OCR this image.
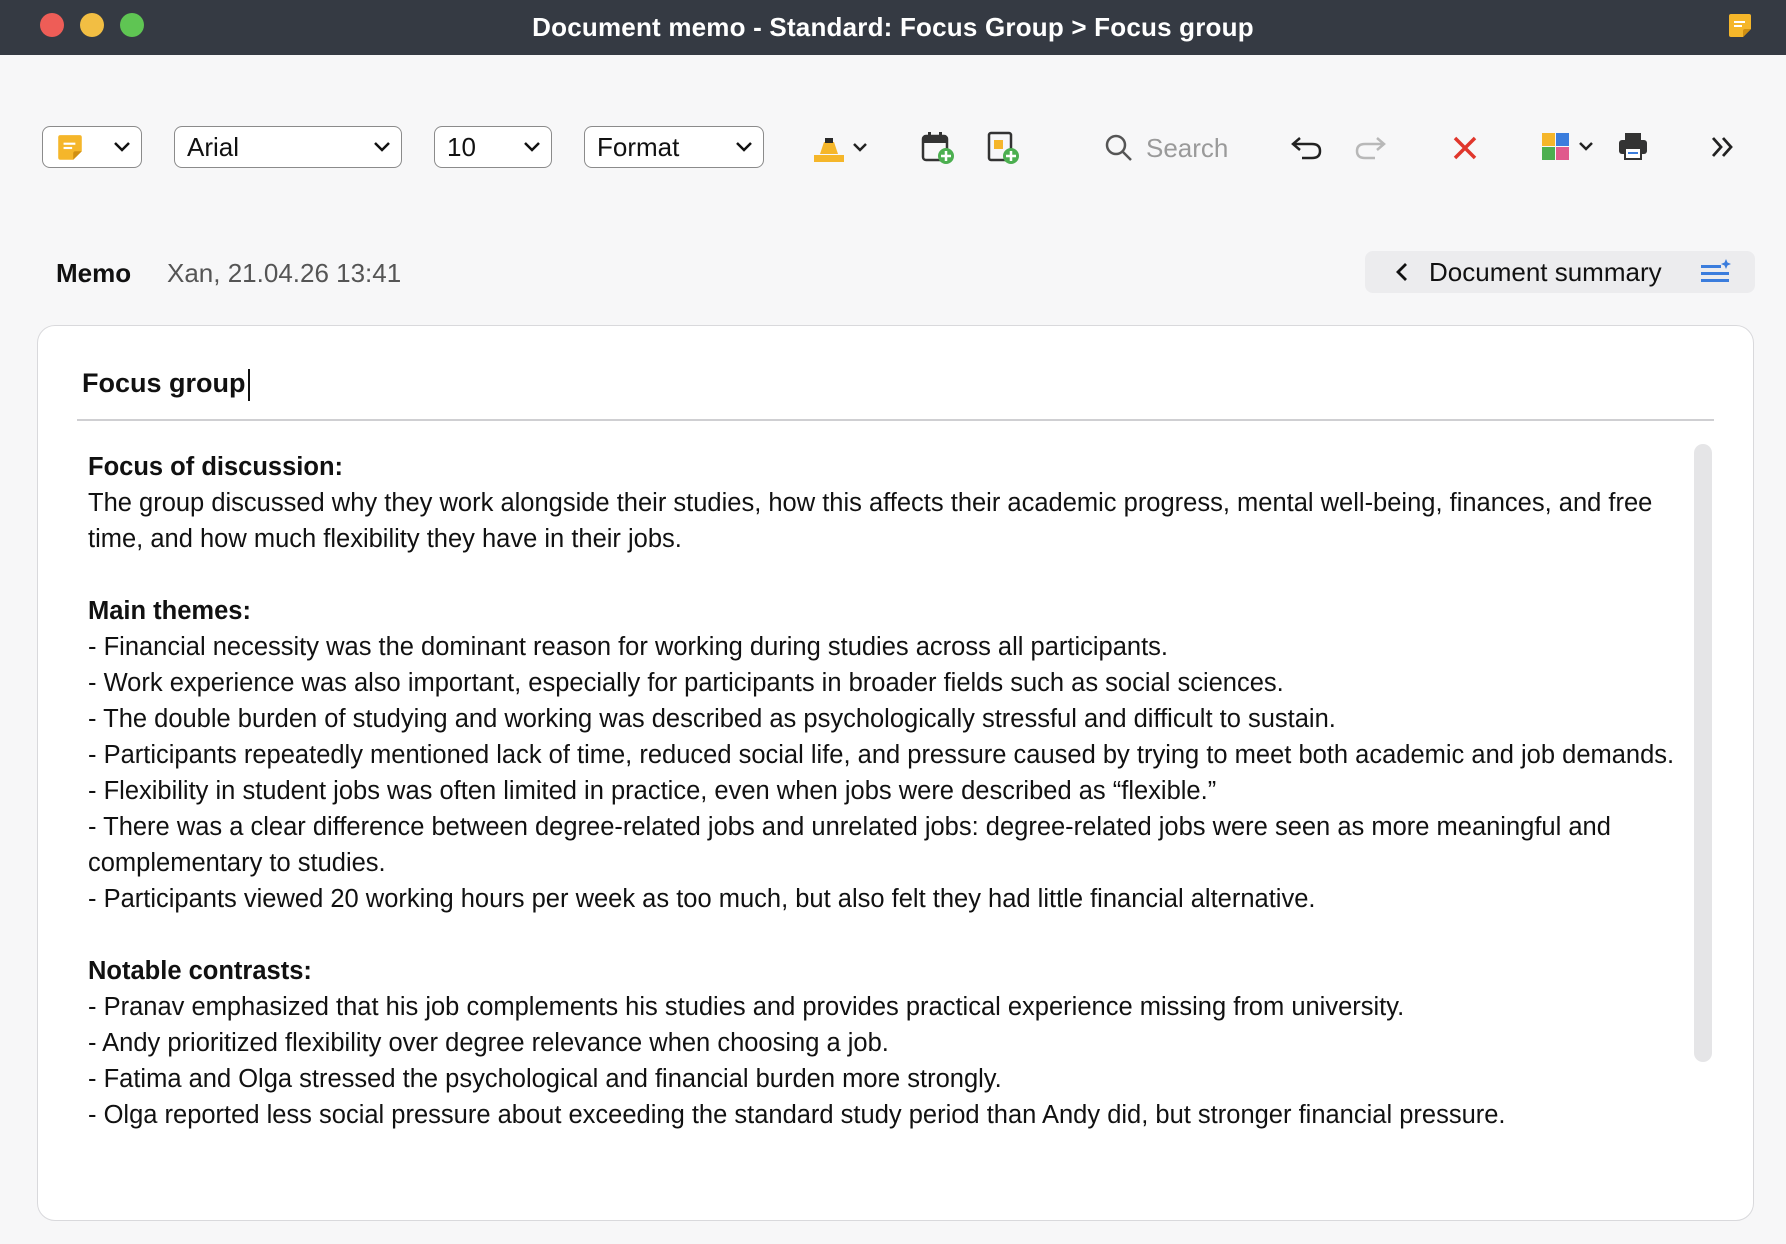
Document memo - Standard: Focus Group > Focus group
Arial	10	Format	Search
Memo Xan, 21.04.26 13:41	Document summary
Focus group

Focus of discussion:

The group discussed why they work alongside their studies, how this affects their academic progress, mental well-being, finances, and free time, and how much flexibility they have in their jobs.

Main themes:

- Financial necessity was the dominant reason for working during studies across all participants.

- Work experience was also important, especially for participants in broader fields such as social sciences.

- The double burden of studying and working was described as psychologically stressful and difficult to sustain.

- Participants repeatedly mentioned lack of time, reduced social life, and pressure caused by trying to meet both academic and job demands.

- Flexibility in student jobs was often limited in practice, even when jobs were described as “flexible.”

- There was a clear difference between degree-related jobs and unrelated jobs: degree-related jobs were seen as more meaningful and complementary to studies.

- Participants viewed 20 working hours per week as too much, but also felt they had little financial alternative.

Notable contrasts:

- Pranav emphasized that his job complements his studies and provides practical experience missing from university.

- Andy prioritized flexibility over degree relevance when choosing a job.

- Fatima and Olga stressed the psychological and financial burden more strongly.

- Olga reported less social pressure about exceeding the standard study period than Andy did, but stronger financial pressure.
